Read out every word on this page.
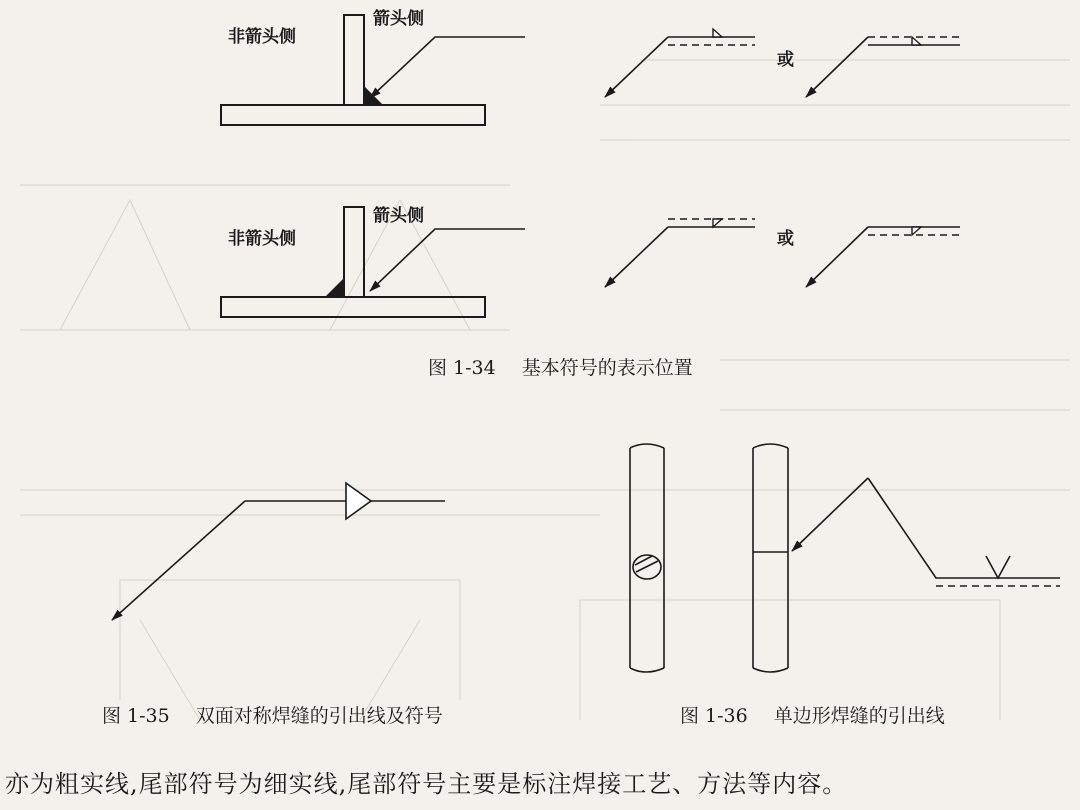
非箭头侧
箭头侧
或
非箭头侧
箭头侧
或
图 1-34 基本符号的表示位置
图 1-35 双面对称焊缝的引出线及符号	图 1-36 单边形焊缝的引出线
亦为粗实线,尾部符号为细实线,尾部符号主要是标注焊接工艺、方法等内容。
